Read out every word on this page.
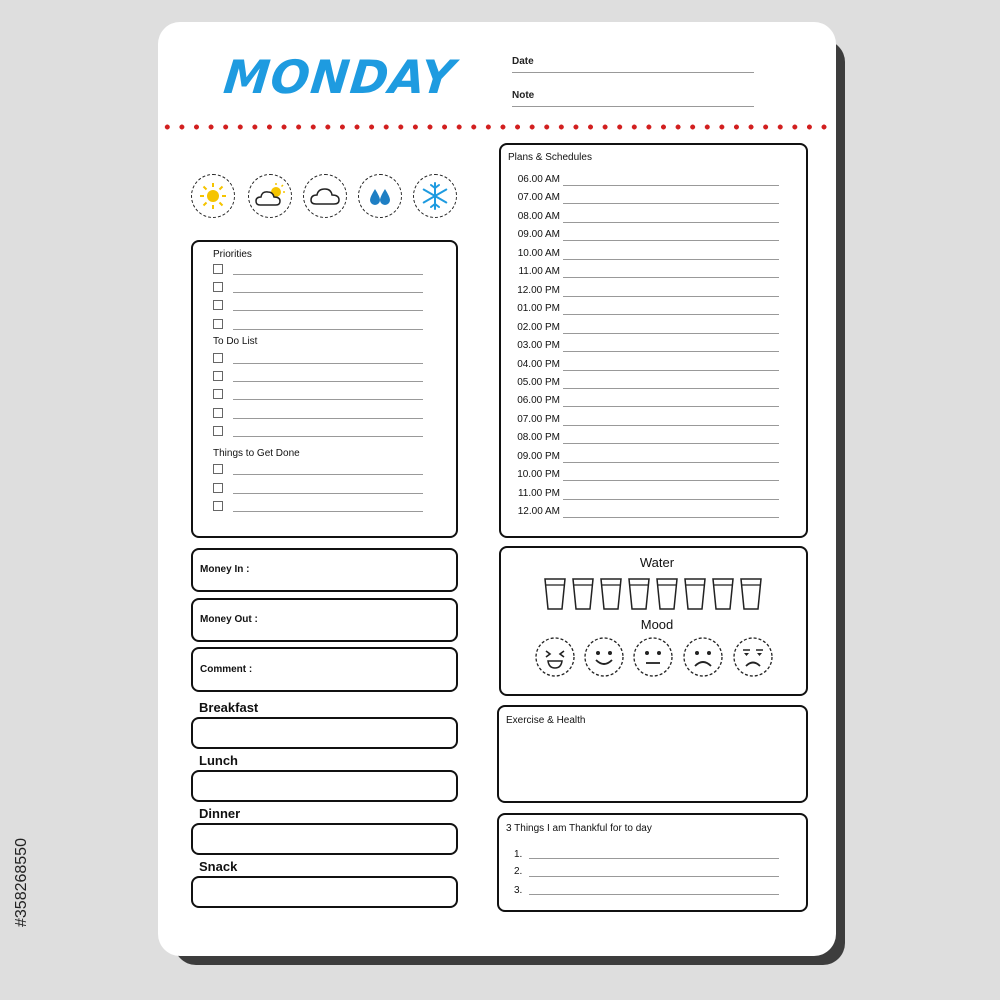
MONDAY	Date
Note
Priorities
To Do List
Things to Get Done
Plans & Schedules
06.00 AM
07.00 AM
08.00 AM
09.00 AM
10.00 AM
11.00 AM
12.00 PM
01.00 PM
02.00 PM
03.00 PM
04.00 PM
05.00 PM
06.00 PM
07.00 PM
08.00 PM
09.00 PM
10.00 PM
11.00 PM
12.00 AM
Money In :
Money Out :
Comment :
Breakfast
Lunch
Dinner
Snack
Water
Mood
Exercise & Health
3 Things I am Thankful for to day
1.
2.
3.
#358268550
